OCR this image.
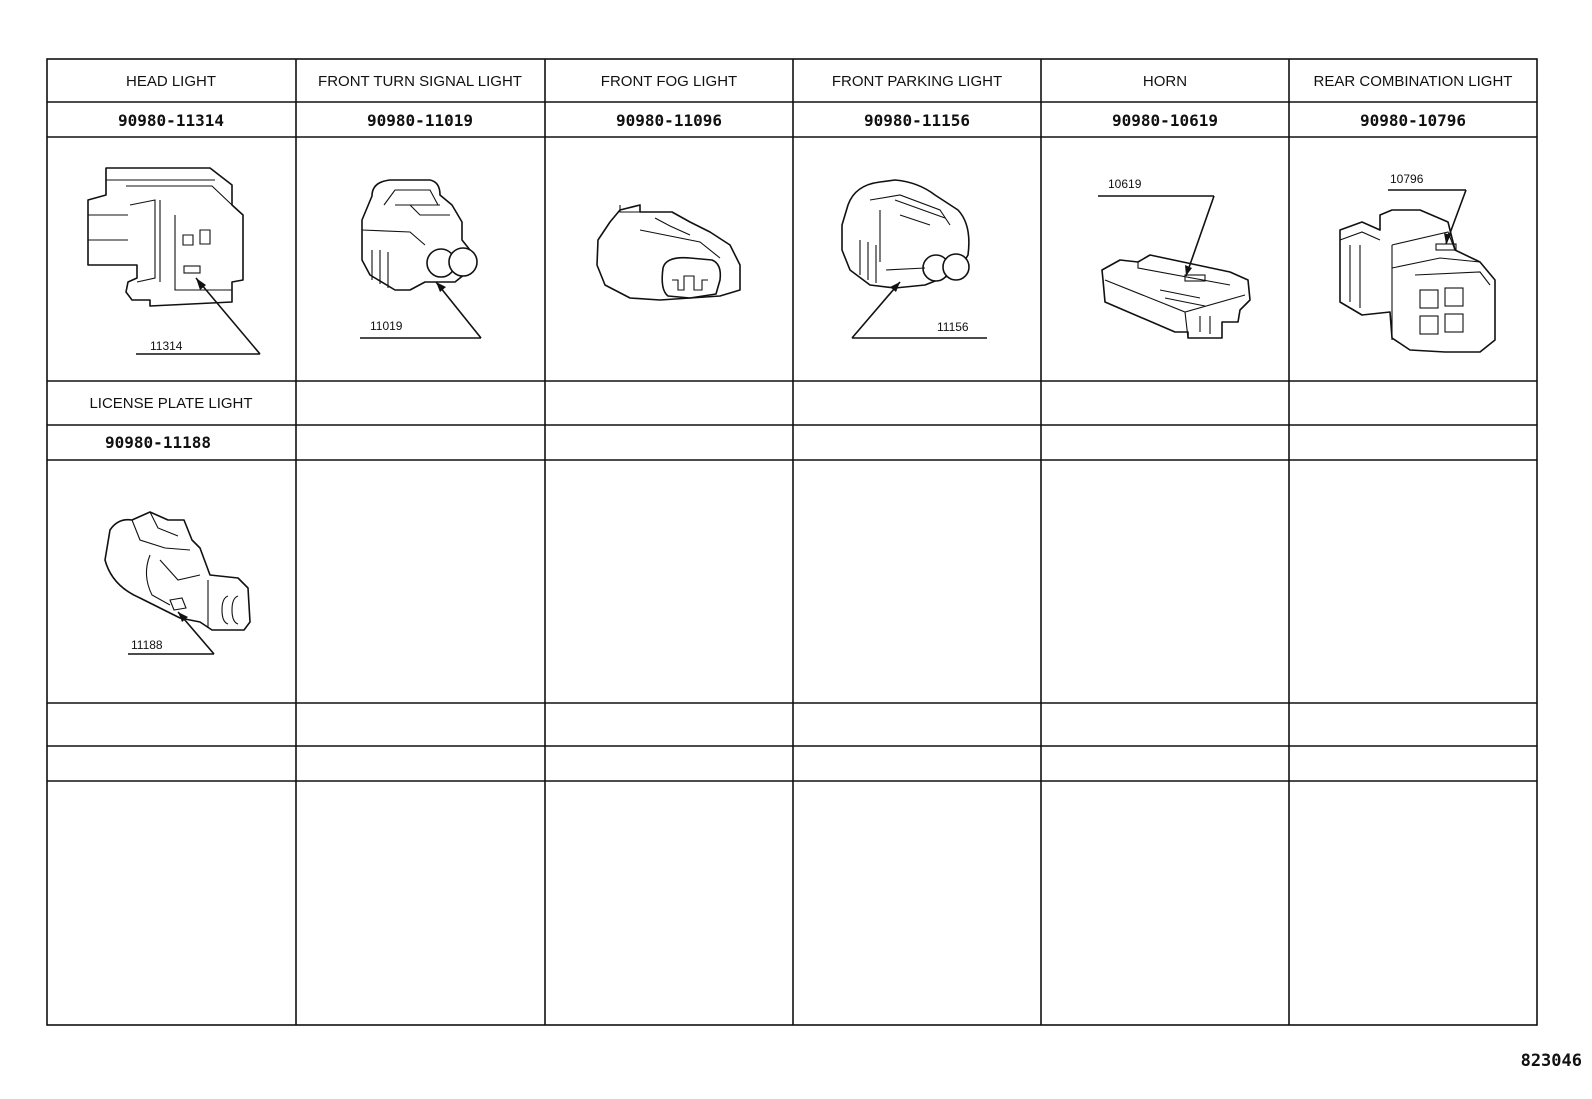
HEAD LIGHT	FRONT TURN SIGNAL LIGHT	FRONT FOG LIGHT	FRONT PARKING LIGHT	HORN	REAR COMBINATION LIGHT
90980-11314	90980-11019	90980-11096	90980-11156	90980-10619	90980-10796
LICENSE PLATE LIGHT
90980-11188
11314
11019	11156
10619	10796
11188
823046
